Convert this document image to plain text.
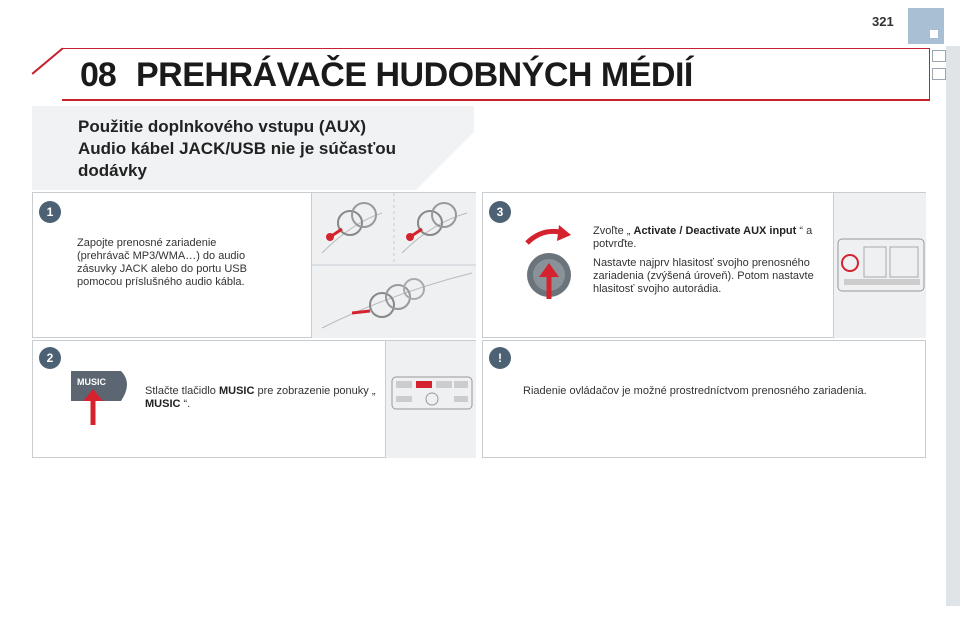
321
08 PREHRÁVAČE HUDOBNÝCH MÉDIÍ
Použitie doplnkového vstupu (AUX)
Audio kábel JACK/USB nie je súčasťou dodávky
1
Zapojte prenosné zariadenie (prehrávač MP3/WMA…) do audio zásuvky JACK alebo do portu USB pomocou príslušného audio kábla.
2
MUSIC
Stlačte tlačidlo MUSIC pre zobrazenie ponuky „ MUSIC “.
3

Zvoľte „ Activate / Deactivate AUX input “ a potvrďte.

Nastavte najprv hlasitosť svojho prenosného zariadenia (zvýšená úroveň). Potom nastavte hlasitosť svojho autorádia.

!
Riadenie ovládačov je možné prostredníctvom prenosného zariadenia.
